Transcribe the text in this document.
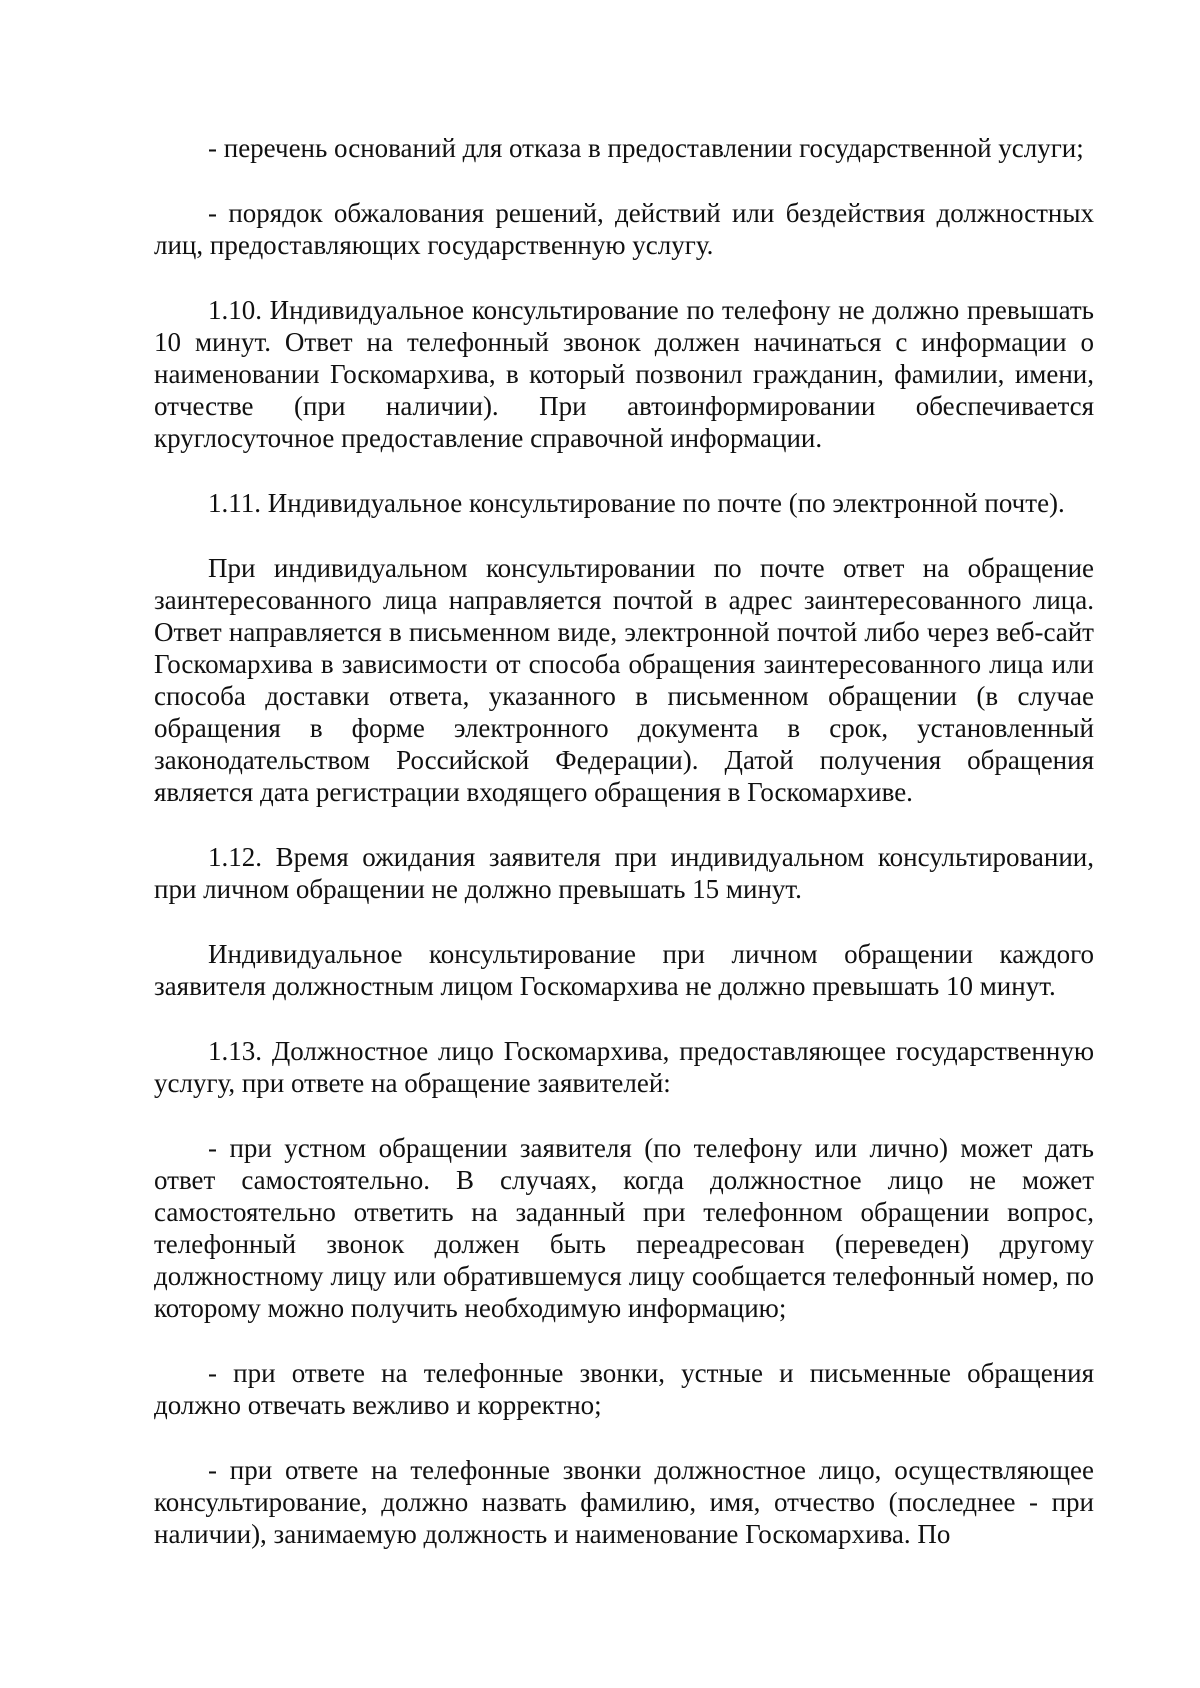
- перечень оснований для отказа в предоставлении государственной услуги;

- порядок обжалования решений, действий или бездействия должностных лиц, предоставляющих государственную услугу.

1.10. Индивидуальное консультирование по телефону не должно превышать 10 минут. Ответ на телефонный звонок должен начинаться с информации о наименовании Госкомархива, в который позвонил гражданин, фамилии, имени, отчестве (при наличии). При автоинформировании обеспечивается круглосуточное предоставление справочной информации.

1.11. Индивидуальное консультирование по почте (по электронной почте).

При индивидуальном консультировании по почте ответ на обращение заинтересованного лица направляется почтой в адрес заинтересованного лица. Ответ направляется в письменном виде, электронной почтой либо через веб-сайт Госкомархива в зависимости от способа обращения заинтересованного лица или способа доставки ответа, указанного в письменном обращении (в случае обращения в форме электронного документа в срок, установленный законодательством Российской Федерации). Датой получения обращения является дата регистрации входящего обращения в Госкомархиве.

1.12. Время ожидания заявителя при индивидуальном консультировании, при личном обращении не должно превышать 15 минут.

Индивидуальное консультирование при личном обращении каждого заявителя должностным лицом Госкомархива не должно превышать 10 минут.

1.13. Должностное лицо Госкомархива, предоставляющее государственную услугу, при ответе на обращение заявителей:

- при устном обращении заявителя (по телефону или лично) может дать ответ самостоятельно. В случаях, когда должностное лицо не может самостоятельно ответить на заданный при телефонном обращении вопрос, телефонный звонок должен быть переадресован (переведен) другому должностному лицу или обратившемуся лицу сообщается телефонный номер, по которому можно получить необходимую информацию;

- при ответе на телефонные звонки, устные и письменные обращения должно отвечать вежливо и корректно;

- при ответе на телефонные звонки должностное лицо, осуществляющее консультирование, должно назвать фамилию, имя, отчество (последнее - при наличии), занимаемую должность и наименование Госкомархива. По
